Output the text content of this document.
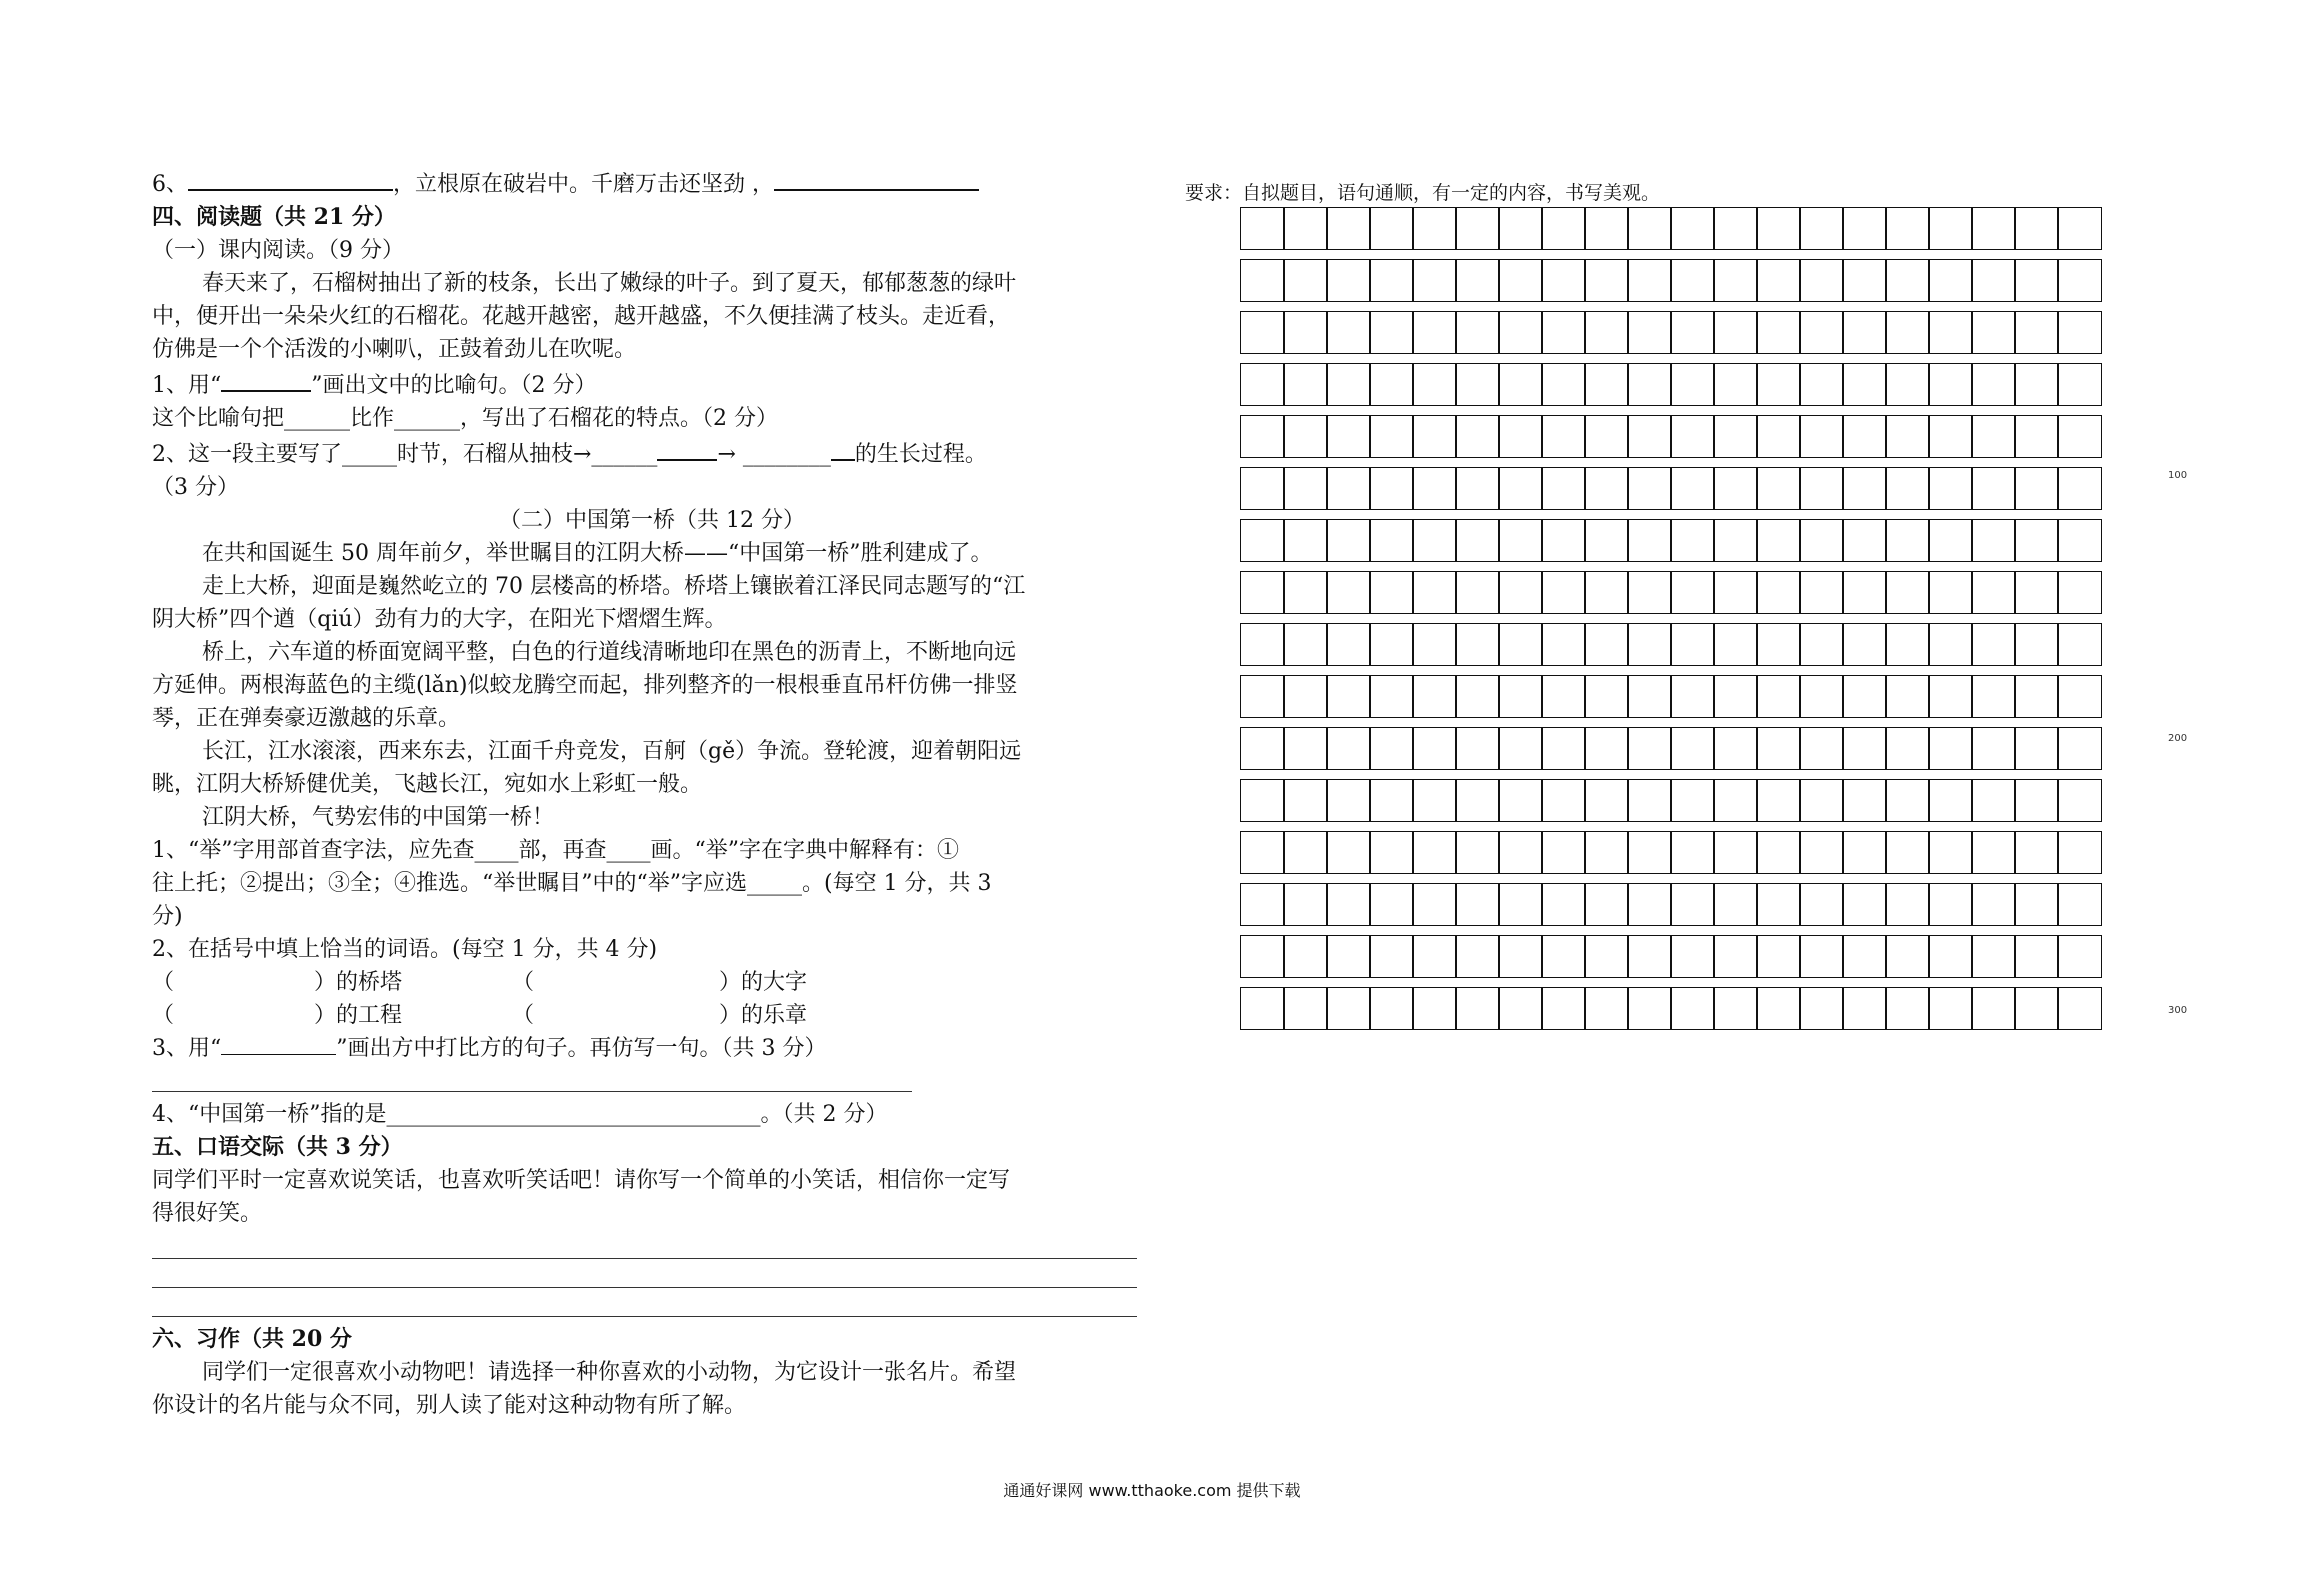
6、	，立根原在破岩中。千磨万击还坚劲 ，

四、阅读题（共 21 分）

（一）课内阅读。（9 分）

春天来了，石榴树抽出了新的枝条，长出了嫩绿的叶子。到了夏天，郁郁葱葱的绿叶

中，便开出一朵朵火红的石榴花。花越开越密，越开越盛，不久便挂满了枝头。走近看，

仿佛是一个个活泼的小喇叭，正鼓着劲儿在吹呢。

1、用“	”画出文中的比喻句。（2 分）

这个比喻句把______比作______，写出了石榴花的特点。（2 分）

2、这一段主要写了_____时节，石榴从抽枝→______	→ ________ 的生长过程。

（3 分）

（二）中国第一桥（共 12 分）

在共和国诞生 50 周年前夕，举世瞩目的江阴大桥——“中国第一桥”胜利建成了。

走上大桥，迎面是巍然屹立的 70 层楼高的桥塔。桥塔上镶嵌着江泽民同志题写的“江

阴大桥”四个遒（qiú）劲有力的大字，在阳光下熠熠生辉。

桥上，六车道的桥面宽阔平整，白色的行道线清晰地印在黑色的沥青上，不断地向远

方延伸。两根海蓝色的主缆(lǎn)似蛟龙腾空而起，排列整齐的一根根垂直吊杆仿佛一排竖

琴，正在弹奏豪迈激越的乐章。

长江，江水滚滚，西来东去，江面千舟竞发，百舸（gě）争流。登轮渡，迎着朝阳远

眺，江阴大桥矫健优美，飞越长江，宛如水上彩虹一般。

江阴大桥，气势宏伟的中国第一桥！

1、“举”字用部首查字法，应先查____部，再查____画。“举”字在字典中解释有：①

往上托；②提出；③全；④推选。“举世瞩目”中的“举”字应选_____。(每空 1 分，共 3

分)

2、在括号中填上恰当的词语。(每空 1 分，共 4 分)

（	）的桥塔	（	）的大字

（	）的工程	（	）的乐章

3、用“	”画出方中打比方的句子。再仿写一句。（共 3 分）

4、“中国第一桥”指的是__________________________________。（共 2 分）

五、口语交际（共 3 分）

同学们平时一定喜欢说笑话，也喜欢听笑话吧！请你写一个简单的小笑话，相信你一定写

得很好笑。

六、习作（共 20 分

同学们一定很喜欢小动物吧！请选择一种你喜欢的小动物，为它设计一张名片。希望

你设计的名片能与众不同，别人读了能对这种动物有所了解。

要求：自拟题目，语句通顺，有一定的内容，书写美观。
100
200
300
通通好课网 www.tthaoke.com 提供下载
